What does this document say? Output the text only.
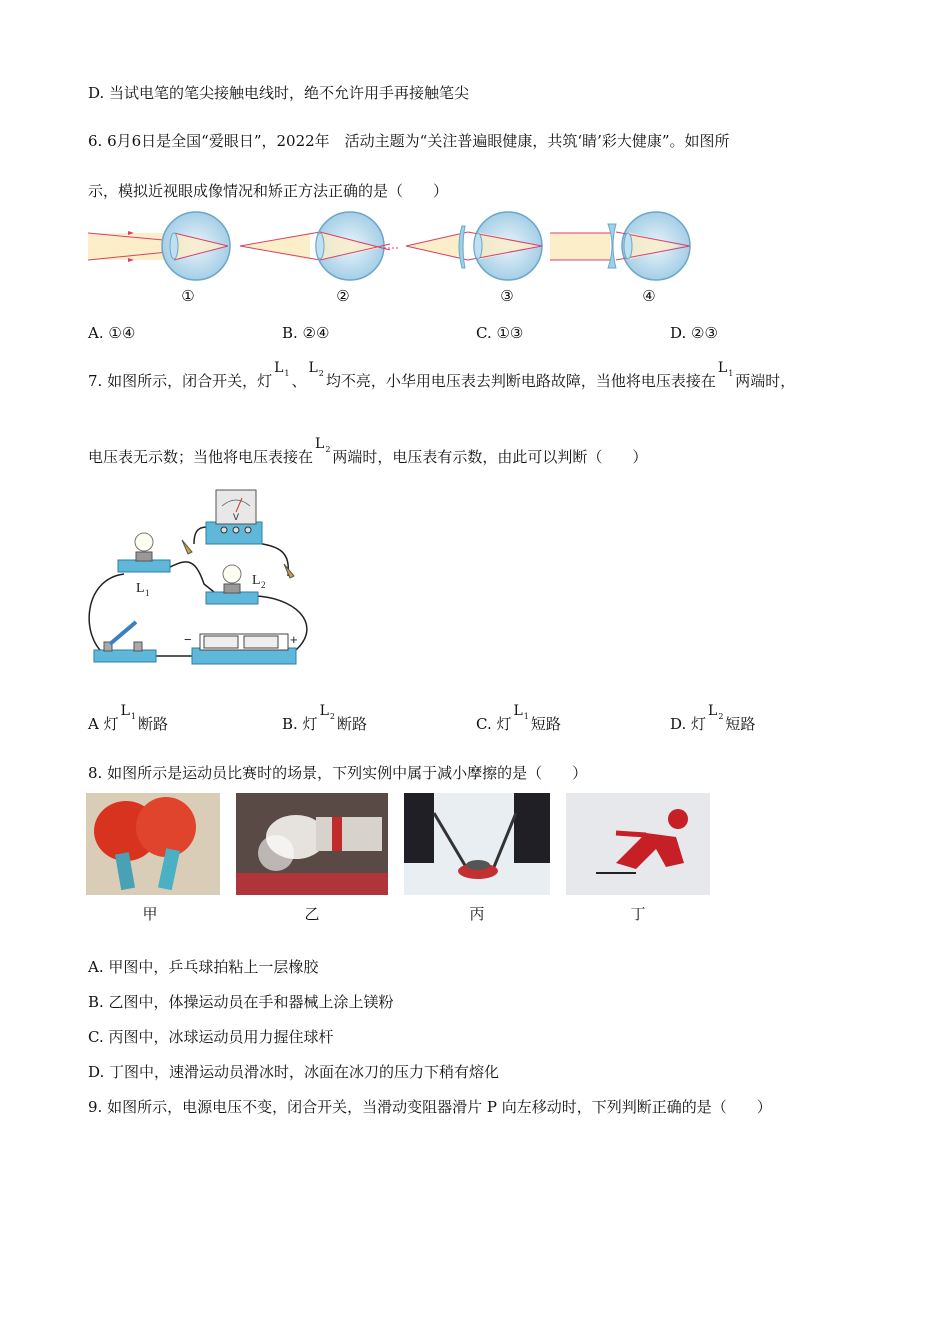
D. 当试电笔的笔尖接触电线时，绝不允许用手再接触笔尖
6. 6月6日是全国“爱眼日”，2022年　活动主题为“关注普遍眼健康，共筑‘睛’彩大健康”。如图所
示，模拟近视眼成像情况和矫正方法正确的是（　　）
①	②	③	④
A. ①④	B. ②④	C. ①③	D. ②③
7. 如图所示，闭合开关，灯$L_1$ 、$L_2$ 均不亮，小华用电压表去判断电路故障，当他将电压表接在$L_1$ 两端时，
电压表无示数；当他将电压表接在$L_2$ 两端时，电压表有示数，由此可以判断（　　）
V
L 1
L 2
−	+
A 灯$L_1$ 断路	B. 灯$L_2$ 断路	C. 灯$L_1$ 短路	D. 灯$L_2$ 短路
8. 如图所示是运动员比赛时的场景，下列实例中属于减小摩擦的是（　　）
甲	乙	丙	丁
A. 甲图中，乒乓球拍粘上一层橡胶
B. 乙图中，体操运动员在手和器械上涂上镁粉
C. 丙图中，冰球运动员用力握住球杆
D. 丁图中，速滑运动员滑冰时，冰面在冰刀的压力下稍有熔化
9. 如图所示，电源电压不变，闭合开关，当滑动变阻器滑片 P 向左移动时，下列判断正确的是（　　）
